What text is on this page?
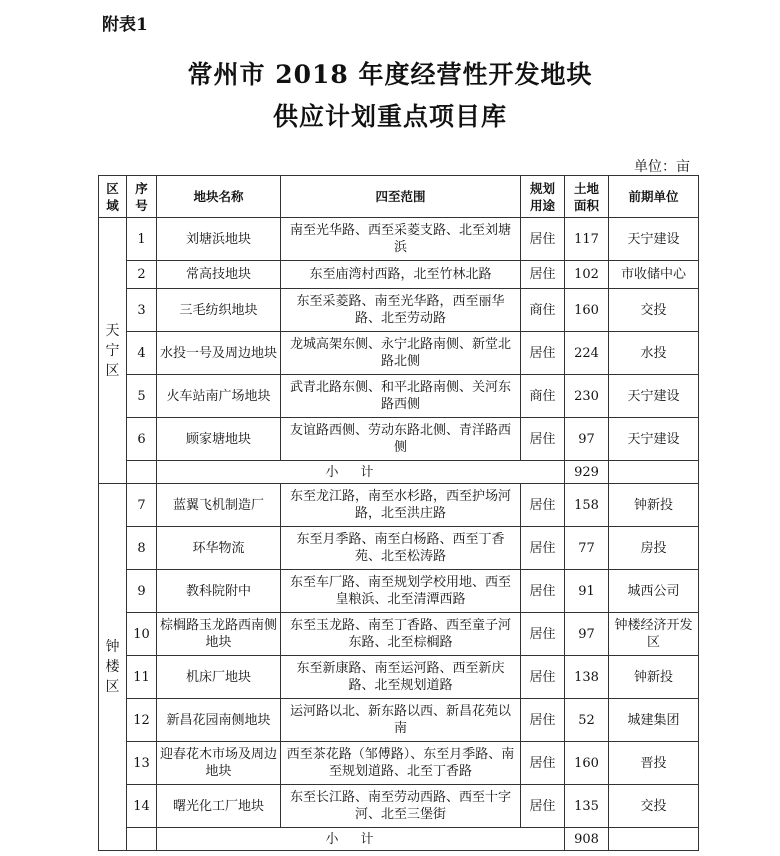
附表1
常州市 2018 年度经营性开发地块
供应计划重点项目库
单位：亩
区域	序号	地块名称	四至范围	规划用途	土地面积	前期单位
天宁区	1	刘塘浜地块	南至光华路、西至采菱支路、北至刘塘浜	居住	117	天宁建设
	2	常高技地块	东至庙湾村西路，北至竹林北路	居住	102	市收储中心
	3	三毛纺织地块	东至采菱路、南至光华路，西至丽华路、北至劳动路	商住	160	交投
	4	水投一号及周边地块	龙城高架东侧、永宁北路南侧、新堂北路北侧	居住	224	水投
	5	火车站南广场地块	武青北路东侧、和平北路南侧、关河东路西侧	商住	230	天宁建设
	6	顾家塘地块	友谊路西侧、劳动东路北侧、青洋路西侧	居住	97	天宁建设
		小计			929	
钟楼区	7	蓝翼飞机制造厂	东至龙江路，南至水杉路，西至护场河路，北至洪庄路	居住	158	钟新投
	8	环华物流	东至月季路、南至白杨路、西至丁香苑、北至松涛路	居住	77	房投
	9	教科院附中	东至车厂路、南至规划学校用地、西至皇粮浜、北至清潭西路	居住	91	城西公司
	10	棕榈路玉龙路西南侧地块	东至玉龙路、南至丁香路、西至童子河东路、北至棕榈路	居住	97	钟楼经济开发区
	11	机床厂地块	东至新康路、南至运河路、西至新庆路、北至规划道路	居住	138	钟新投
	12	新昌花园南侧地块	运河路以北、新东路以西、新昌花苑以南	居住	52	城建集团
	13	迎春花木市场及周边地块	西至茶花路（邹傅路）、东至月季路、南至规划道路、北至丁香路	居住	160	晋投
	14	曙光化工厂地块	东至长江路、南至劳动西路、西至十字河、北至三堡街	居住	135	交投
		小计			908	
